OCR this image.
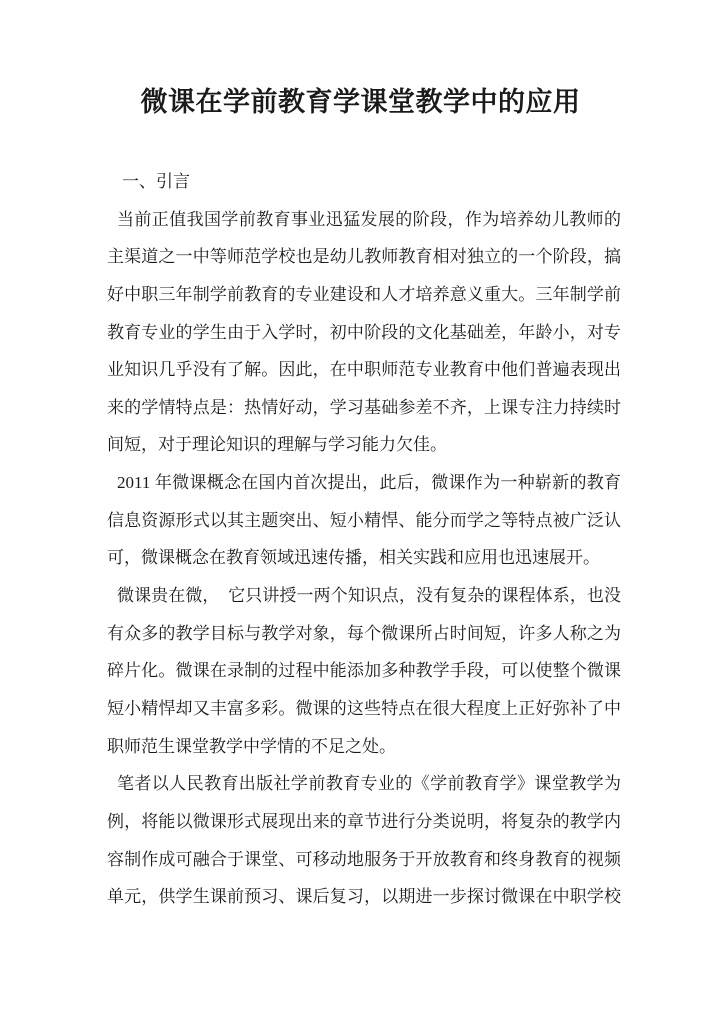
微课在学前教育学课堂教学中的应用
一、引言
当前正值我国学前教育事业迅猛发展的阶段，作为培养幼儿教师的
主渠道之一中等师范学校也是幼儿教师教育相对独立的一个阶段，搞
好中职三年制学前教育的专业建设和人才培养意义重大。三年制学前
教育专业的学生由于入学时，初中阶段的文化基础差，年龄小，对专
业知识几乎没有了解。因此，在中职师范专业教育中他们普遍表现出
来的学情特点是：热情好动，学习基础参差不齐，上课专注力持续时
间短，对于理论知识的理解与学习能力欠佳。
2011 年微课概念在国内首次提出，此后，微课作为一种崭新的教育
信息资源形式以其主题突出、短小精悍、能分而学之等特点被广泛认
可，微课概念在教育领域迅速传播，相关实践和应用也迅速展开。
微课贵在微，　它只讲授一两个知识点，没有复杂的课程体系，也没
有众多的教学目标与教学对象，每个微课所占时间短，许多人称之为
碎片化。微课在录制的过程中能添加多种教学手段，可以使整个微课
短小精悍却又丰富多彩。微课的这些特点在很大程度上正好弥补了中
职师范生课堂教学中学情的不足之处。
笔者以人民教育出版社学前教育专业的《学前教育学》课堂教学为
例，将能以微课形式展现出来的章节进行分类说明，将复杂的教学内
容制作成可融合于课堂、可移动地服务于开放教育和终身教育的视频
单元，供学生课前预习、课后复习，以期进一步探讨微课在中职学校
